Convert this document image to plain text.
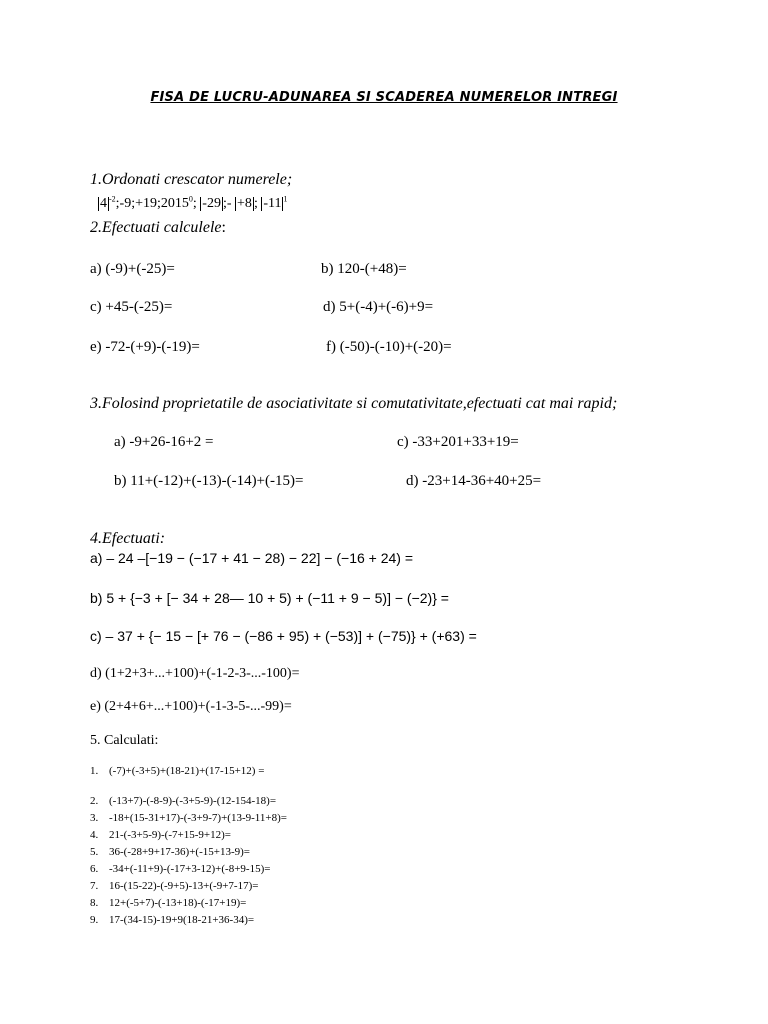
FISA DE LUCRU-ADUNAREA SI SCADEREA NUMERELOR INTREGI
1.Ordonati crescator numerele;
4 $^{-2};-9;+19;2015^0$; -29 ;- +8 ; -11 $^1$
2.Efectuati calculele:
a) (-9)+(-25)=	b) 120-(+48)=
c) +45-(-25)=	d) 5+(-4)+(-6)+9=
e) -72-(+9)-(-19)=	f) (-50)-(-10)+(-20)=
3.Folosind proprietatile de asociativitate si comutativitate,efectuati cat mai rapid;
a) -9+26-16+2 =	c) -33+201+33+19=
b) 11+(-12)+(-13)-(-14)+(-15)=	d) -23+14-36+40+25=
4.Efectuati:
a) – 24 –[−19 − (−17 + 41 − 28) − 22] − (−16 + 24) =
b) 5 + {−3 + [− 34 + 28— 10 + 5) + (−11 + 9 − 5)] − (−2)} =
c) – 37 + {− 15 − [+ 76 − (−86 + 95) + (−53)] + (−75)} + (+63) =
d) (1+2+3+...+100)+(-1-2-3-...-100)=
e) (2+4+6+...+100)+(-1-3-5-...-99)=
5. Calculati:
1. (-7)+(-3+5)+(18-21)+(17-15+12) =
2. (-13+7)-(-8-9)-(-3+5-9)-(12-154-18)=
3. -18+(15-31+17)-(-3+9-7)+(13-9-11+8)=
4. 21-(-3+5-9)-(-7+15-9+12)=
5. 36-(-28+9+17-36)+(-15+13-9)=
6. -34+(-11+9)-(-17+3-12)+(-8+9-15)=
7. 16-(15-22)-(-9+5)-13+(-9+7-17)=
8. 12+(-5+7)-(-13+18)-(-17+19)=
9. 17-(34-15)-19+9(18-21+36-34)=
